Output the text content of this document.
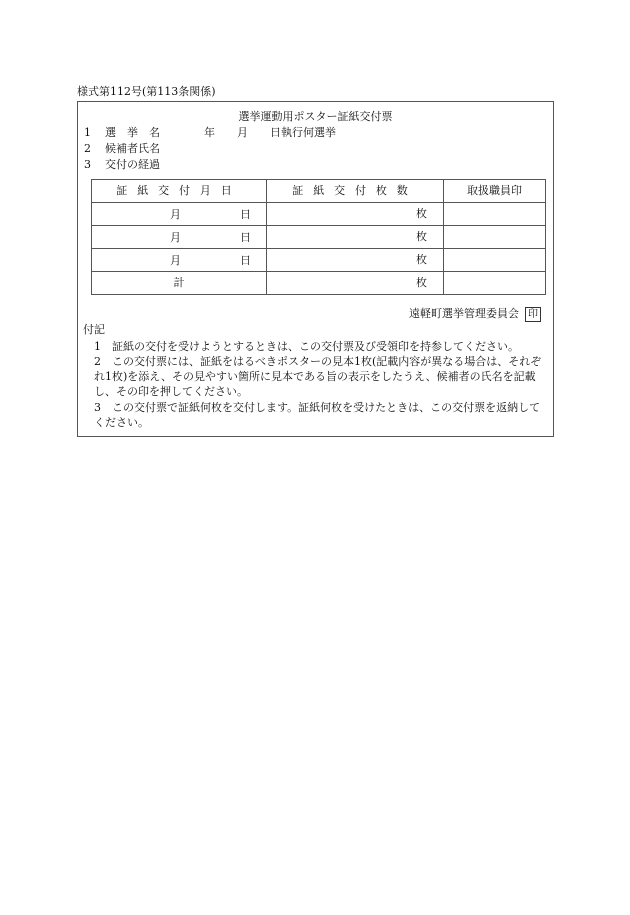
様式第112号(第113条関係)
選挙運動用ポスター証紙交付票
1 選　挙　名	年　　月　　日執行何選挙
2 候補者氏名
3 交付の経過
証紙交付月日	証紙交付枚数	取扱職員印

月 日	枚	

月 日	枚	

月 日	枚	
計	枚	
遠軽町選挙管理委員会 印
付記
1 証紙の交付を受けようとするときは、この交付票及び受領印を持参してください。
2 この交付票には、証紙をはるべきポスターの見本1枚(記載内容が異なる場合は、それぞれ1枚)を添え、その見やすい箇所に見本である旨の表示をしたうえ、候補者の氏名を記載し、その印を押してください。
3 この交付票で証紙何枚を交付します。証紙何枚を受けたときは、この交付票を返納してください。
